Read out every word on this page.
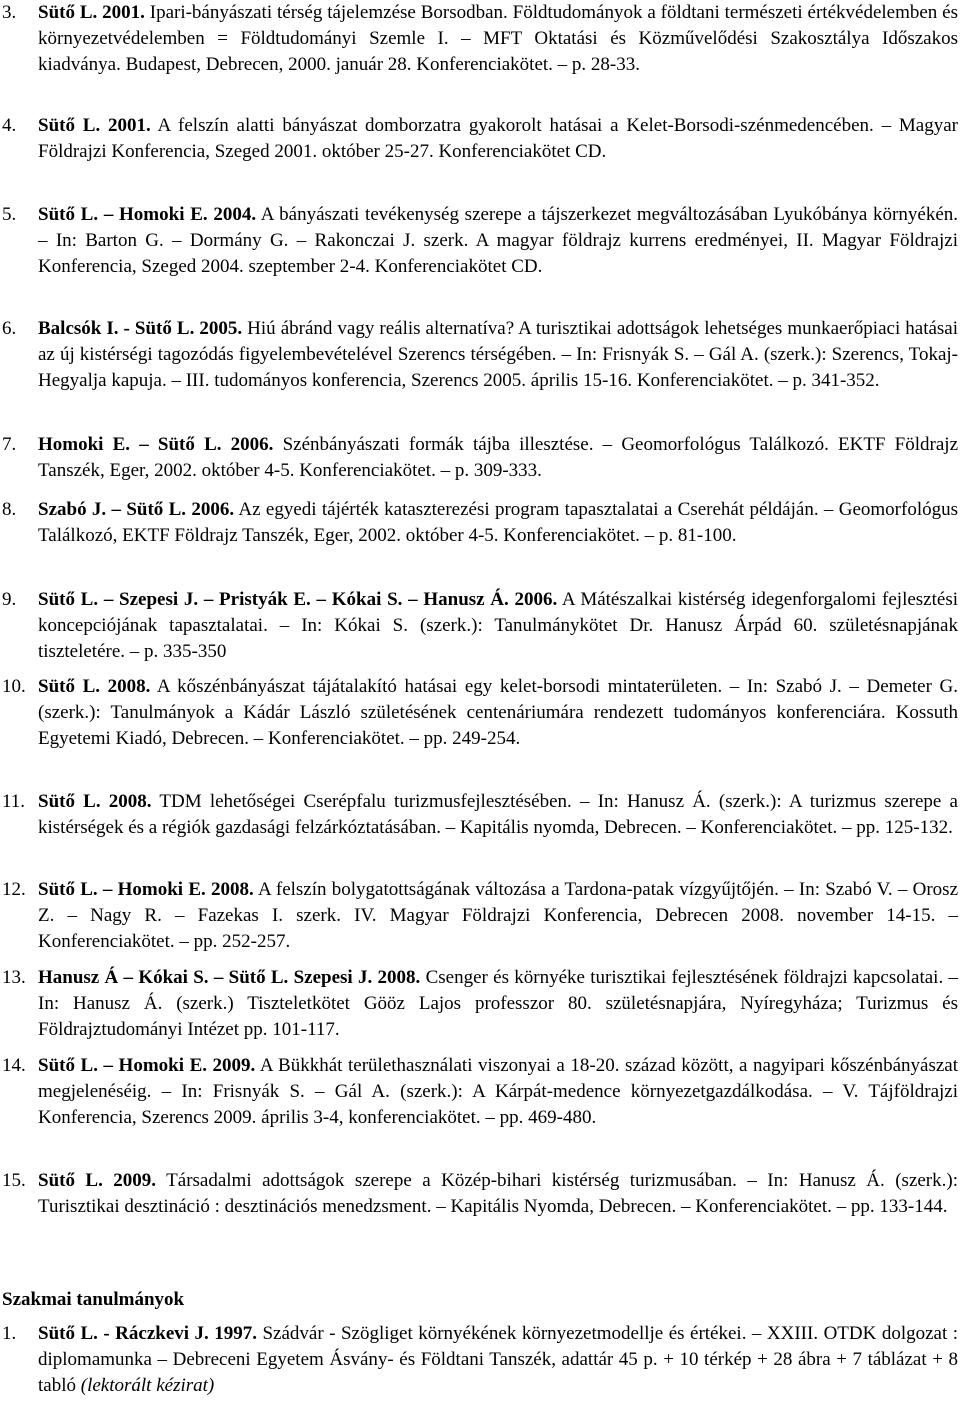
3. Sütő L. 2001. Ipari-bányászati térség tájelemzése Borsodban. Földtudományok a földtani természeti értékvédelemben és környezetvédelemben = Földtudományi Szemle I. – MFT Oktatási és Közművelődési Szakosztálya Időszakos kiadványa. Budapest, Debrecen, 2000. január 28. Konferenciakötet. – p. 28-33.
4. Sütő L. 2001. A felszín alatti bányászat domborzatra gyakorolt hatásai a Kelet-Borsodi-szénmedencében. – Magyar Földrajzi Konferencia, Szeged 2001. október 25-27. Konferenciakötet CD.
5. Sütő L. – Homoki E. 2004. A bányászati tevékenység szerepe a tájszerkezet megváltozásában Lyukóbánya környékén. – In: Barton G. – Dormány G. – Rakonczai J. szerk. A magyar földrajz kurrens eredményei, II. Magyar Földrajzi Konferencia, Szeged 2004. szeptember 2-4. Konferenciakötet CD.
6. Balcsók I. - Sütő L. 2005. Hiú ábránd vagy reális alternatíva? A turisztikai adottságok lehetséges munkaerőpiaci hatásai az új kistérségi tagozódás figyelembevételével Szerencs térségében. – In: Frisnyák S. – Gál A. (szerk.): Szerencs, Tokaj-Hegyalja kapuja. – III. tudományos konferencia, Szerencs 2005. április 15-16. Konferenciakötet. – p. 341-352.
7. Homoki E. – Sütő L. 2006. Szénbányászati formák tájba illesztése. – Geomorfológus Találkozó. EKTF Földrajz Tanszék, Eger, 2002. október 4-5. Konferenciakötet. – p. 309-333.
8. Szabó J. – Sütő L. 2006. Az egyedi tájérték kataszterezési program tapasztalatai a Cserehát példáján. – Geomorfológus Találkozó, EKTF Földrajz Tanszék, Eger, 2002. október 4-5. Konferenciakötet. – p. 81-100.
9. Sütő L. – Szepesi J. – Pristyák E. – Kókai S. – Hanusz Á. 2006. A Mátészalkai kistérség idegenforgalomi fejlesztési koncepciójának tapasztalatai. – In: Kókai S. (szerk.): Tanulmánykötet Dr. Hanusz Árpád 60. születésnapjának tiszteletére. – p. 335-350
10. Sütő L. 2008. A kőszénbányászat tájátalakító hatásai egy kelet-borsodi mintaterületen. – In: Szabó J. – Demeter G. (szerk.): Tanulmányok a Kádár László születésének centenáriumára rendezett tudományos konferenciára. Kossuth Egyetemi Kiadó, Debrecen. – Konferenciakötet. – pp. 249-254.
11. Sütő L. 2008. TDM lehetőségei Cserépfalu turizmusfejlesztésében. – In: Hanusz Á. (szerk.): A turizmus szerepe a kistérségek és a régiók gazdasági felzárkóztatásában. – Kapitális nyomda, Debrecen. – Konferenciakötet. – pp. 125-132.
12. Sütő L. – Homoki E. 2008. A felszín bolygatottságának változása a Tardona-patak vízgyűjtőjén. – In: Szabó V. – Orosz Z. – Nagy R. – Fazekas I. szerk. IV. Magyar Földrajzi Konferencia, Debrecen 2008. november 14-15. – Konferenciakötet. – pp. 252-257.
13. Hanusz Á – Kókai S. – Sütő L. Szepesi J. 2008. Csenger és környéke turisztikai fejlesztésének földrajzi kapcsolatai. – In: Hanusz Á. (szerk.) Tiszteletkötet Gööz Lajos professzor 80. születésnapjára, Nyíregyháza; Turizmus és Földrajztudományi Intézet pp. 101-117.
14. Sütő L. – Homoki E. 2009. A Bükkhát területhasználati viszonyai a 18-20. század között, a nagyipari kőszénbányászat megjelenéséig. – In: Frisnyák S. – Gál A. (szerk.): A Kárpát-medence környezetgazdálkodása. – V. Tájföldrajzi Konferencia, Szerencs 2009. április 3-4, konferenciakötet. – pp. 469-480.
15. Sütő L. 2009. Társadalmi adottságok szerepe a Közép-bihari kistérség turizmusában. – In: Hanusz Á. (szerk.): Turisztikai desztináció : desztinációs menedzsment. – Kapitális Nyomda, Debrecen. – Konferenciakötet. – pp. 133-144.
Szakmai tanulmányok
1. Sütő L. - Ráczkevi J. 1997. Szádvár - Szögliget környékének környezetmodellje és értékei. – XXIII. OTDK dolgozat : diplomamunka – Debreceni Egyetem Ásvány- és Földtani Tanszék, adattár 45 p. + 10 térkép + 28 ábra + 7 táblázat + 8 tabló (lektorált kézirat)
